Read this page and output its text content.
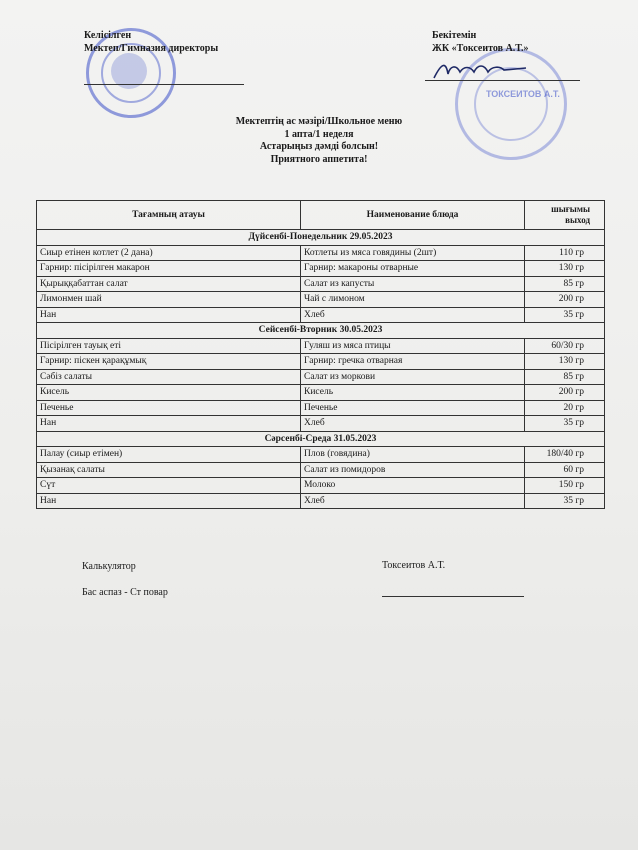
ТОКСЕИТОВ А.Т.
Келісілген
Мектеп/Гимназия директоры
Бекітемін
ЖК «Токсеитов А.Т.»
Мектептің ас мәзірі/Школьное меню
1 апта/1 неделя
Астарыңыз дәмді болсын!
Приятного аппетита!
Тағамның атауы	Наименование блюда	шығымы
выход

Дүйсенбі-Понедельник 29.05.2023		
Сиыр етінен котлет (2 дана)	Котлеты из мяса говядины (2шт)	110 гр
Гарнир: пісірілген макарон	Гарнир: макароны отварные	130 гр
Қырыққабаттан салат	Салат из капусты	85 гр
Лимонмен шай	Чай с лимоном	200 гр
Нан	Хлеб	35 гр
Сейсенбі-Вторник 30.05.2023		
Пісірілген тауық еті	Гуляш из мяса птицы	60/30 гр
Гарнир: піскен қарақұмық	Гарнир: гречка отварная	130 гр
Сәбіз салаты	Салат из моркови	85 гр
Кисель	Кисель	200 гр
Печенье	Печенье	20 гр
Нан	Хлеб	35 гр
Сәрсенбі-Среда 31.05.2023		
Палау (сиыр етімен)	Плов (говядина)	180/40 гр
Қызанақ салаты	Салат из помидоров	60 гр
Сүт	Молоко	150 гр
Нан	Хлеб	35 гр
Калькулятор
Бас аспаз - Ст повар
Токсеитов А.Т.
